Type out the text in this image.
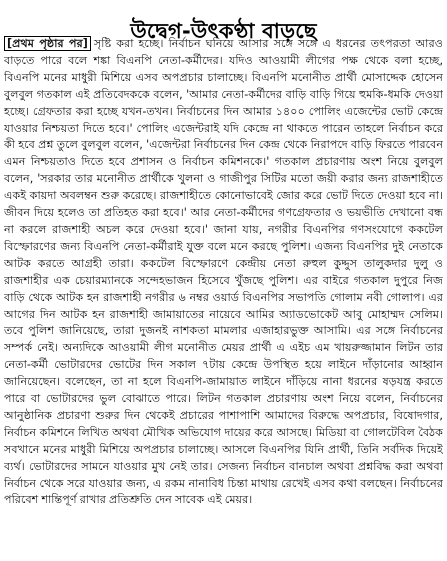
উদ্বেগ-উৎকণ্ঠা বাড়ছে

[প্রথম পৃষ্ঠার পর] সৃষ্টি করা হচ্ছে। নির্বাচন ঘনিয়ে আসার সঙ্গে সঙ্গে এ ধরনের তৎপরতা আরও বাড়তে পারে বলে শঙ্কা বিএনপি নেতা-কর্মীদের। যদিও আওয়ামী লীগের পক্ষ থেকে বলা হচ্ছে, বিএনপি মনের মাধুরী মিশিয়ে এসব অপপ্রচার চালাচ্ছে। বিএনপি মনোনীত প্রার্থী মোসাদ্দেক হোসেন বুলবুল গতকাল এই প্রতিবেদককে বলেন, 'আমার নেতা-কর্মীদের বাড়ি বাড়ি গিয়ে হুমকি-ধমকি দেওয়া হচ্ছে। গ্রেফতার করা হচ্ছে যখন-তখন। নির্বাচনের দিন আমার ১৪০০ পোলিং এজেন্টের ভোট কেন্দ্রে যাওয়ার নিশ্চয়তা দিতে হবে।' পোলিং এজেন্টরাই যদি কেন্দ্রে না থাকতে পারেন তাহলে নির্বাচন করে কী হবে প্রশ্ন তুলে বুলবুল বলেন, 'এজেন্টরা নির্বাচনের দিন কেন্দ্র থেকে নিরাপদে বাড়ি ফিরতে পারবেন এমন নিশ্চয়তাও দিতে হবে প্রশাসন ও নির্বাচন কমিশনকে।' গতকাল প্রচারণায় অংশ নিয়ে বুলবুল বলেন, 'সরকার তার মনোনীত প্রার্থীকে খুলনা ও গাজীপুর সিটির মতো জয়ী করার জন্য রাজশাহীতে একই কায়দা অবলম্বন শুরু করেছে। রাজশাহীতে কোনোভাবেই জোর করে ভোট দিতে দেওয়া হবে না। জীবন দিয়ে হলেও তা প্রতিহত করা হবে।' আর নেতা-কর্মীদের গণগ্রেফতার ও ভয়ভীতি দেখানো বন্ধ না করলে রাজশাহী অচল করে দেওয়া হবে।' জানা যায়, নগরীর বিএনপির গণসংযোগে ককটেল বিস্ফোরণের জন্য বিএনপি নেতা-কর্মীরাই যুক্ত বলে মনে করছে পুলিশ। এজন্য বিএনপির দুই নেতাকে আটক করতে আগ্রহী তারা। ককটেল বিস্ফোরণে কেন্দ্রীয় নেতা রুহুল কুদ্দুস তালুকদার দুলু ও রাজশাহীর এক চেয়ারম্যানকে সন্দেহভাজন হিসেবে খুঁজছে পুলিশ। এর বাইরে গতকাল দুপুরে নিজ বাড়ি থেকে আটক হন রাজশাহী নগরীর ৬ নম্বর ওয়ার্ড বিএনপির সভাপতি গোলাম নবী গোলাপ। এর আগের দিন আটক হন রাজশাহী জামায়াতের নায়েবে আমির অ্যাডভোকেট আবু মোহাম্মদ সেলিম। তবে পুলিশ জানিয়েছে, তারা দুজনই নাশকতা মামলার এজাহারভুক্ত আসামি। এর সঙ্গে নির্বাচনের সম্পর্ক নেই। অন্যদিকে আওয়ামী লীগ মনোনীত মেয়র প্রার্থী এ এইচ এম খায়রুজ্জামান লিটন তার নেতা-কর্মী ভোটারদের ভোটের দিন সকাল ৭টায় কেন্দ্রে উপস্থিত হয়ে লাইনে দাঁড়ানোর আহ্বান জানিয়েছেন। বলেছেন, তা না হলে বিএনপি-জামায়াত লাইনে দাঁড়িয়ে নানা ধরনের ষড়যন্ত্র করতে পারে বা ভোটারদের ভুল বোঝাতে পারে। লিটন গতকাল প্রচারণায় অংশ নিয়ে বলেন, নির্বাচনের আনুষ্ঠানিক প্রচারণা শুরুর দিন থেকেই প্রচারের পাশাপাশি আমাদের বিরুদ্ধে অপপ্রচার, বিষোদগার, নির্বাচন কমিশনে লিখিত অথবা মৌখিক অভিযোগ দায়ের করে আসছে। মিডিয়া বা গোলটেবিল বৈঠক সবখানে মনের মাধুরী মিশিয়ে অপপ্রচার চালাচ্ছে। আসলে বিএনপির যিনি প্রার্থী, তিনি সর্বদিক দিয়েই ব্যর্থ। ভোটারদের সামনে যাওয়ার মুখ নেই তার। সেজন্য নির্বাচন বানচাল অথবা প্রশ্নবিদ্ধ করা অথবা নির্বাচন থেকে সরে যাওয়ার জন্য, এ রকম নানাবিধ চিন্তা মাথায় রেখেই এসব কথা বলছেন। নির্বাচনের পরিবেশ শান্তিপূর্ণ রাখার প্রতিশ্রুতি দেন সাবেক এই মেয়র।
